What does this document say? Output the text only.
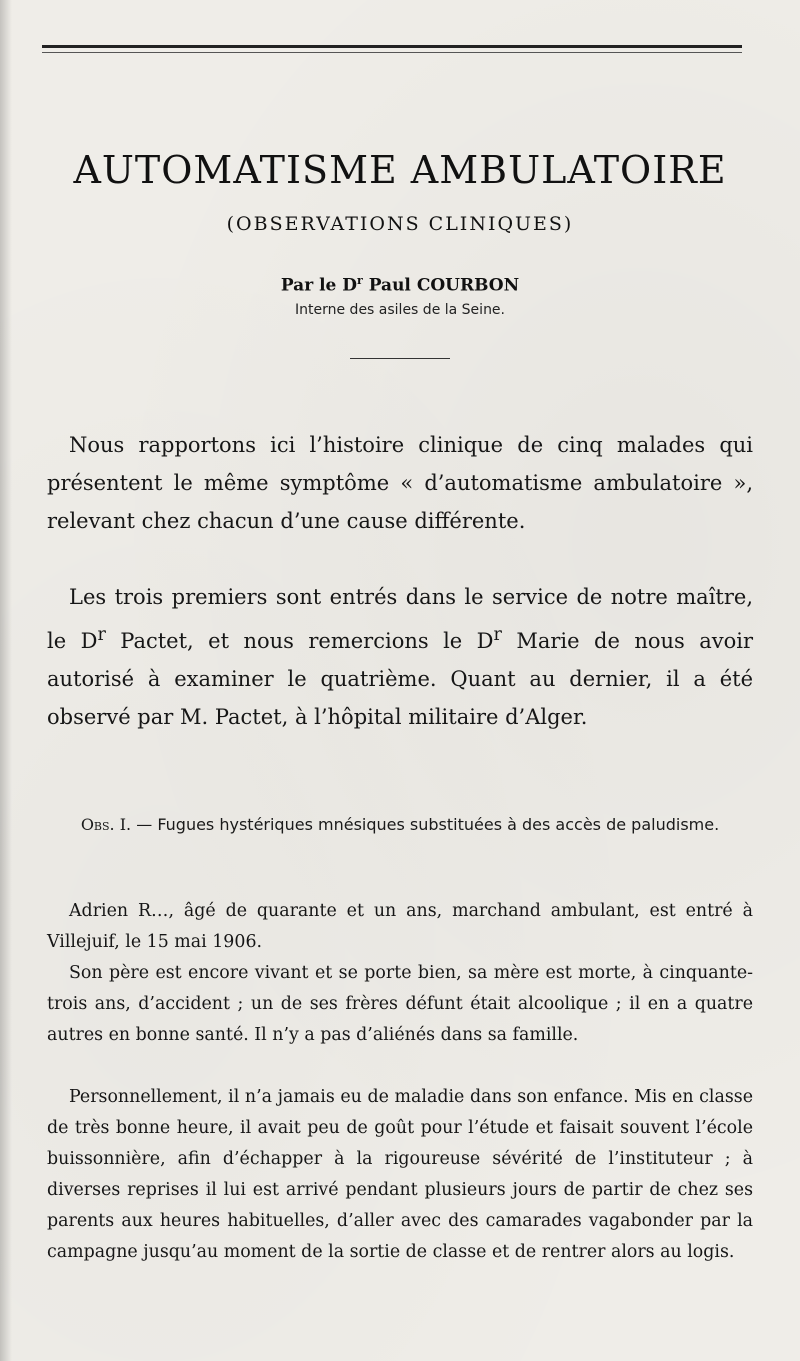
AUTOMATISME AMBULATOIRE
(OBSERVATIONS CLINIQUES)
Par le $D^r$ Paul COURBON
Interne des asiles de la Seine.

Nous rapportons ici l’histoire clinique de cinq malades qui présentent le même symptôme « d’automatisme ambulatoire », relevant chez chacun d’une cause différente.

Les trois premiers sont entrés dans le service de notre maître, le $D^r$ Pactet, et nous remercions le $D^r$ Marie de nous avoir autorisé à examiner le quatrième. Quant au dernier, il a été observé par M. Pactet, à l’hôpital militaire d’Alger.

Obs. I. — Fugues hystériques mnésiques substituées à des accès de paludisme.

Adrien R…, âgé de quarante et un ans, marchand ambulant, est entré à Villejuif, le 15 mai 1906.

Son père est encore vivant et se porte bien, sa mère est morte, à cinquante-trois ans, d’accident ; un de ses frères défunt était alcoolique ; il en a quatre autres en bonne santé. Il n’y a pas d’aliénés dans sa famille.

Personnellement, il n’a jamais eu de maladie dans son enfance. Mis en classe de très bonne heure, il avait peu de goût pour l’étude et faisait souvent l’école buissonnière, afin d’échapper à la rigoureuse sévérité de l’instituteur ; à diverses reprises il lui est arrivé pendant plusieurs jours de partir de chez ses parents aux heures habituelles, d’aller avec des camarades vagabonder par la campagne jusqu’au moment de la sortie de classe et de rentrer alors au logis.
